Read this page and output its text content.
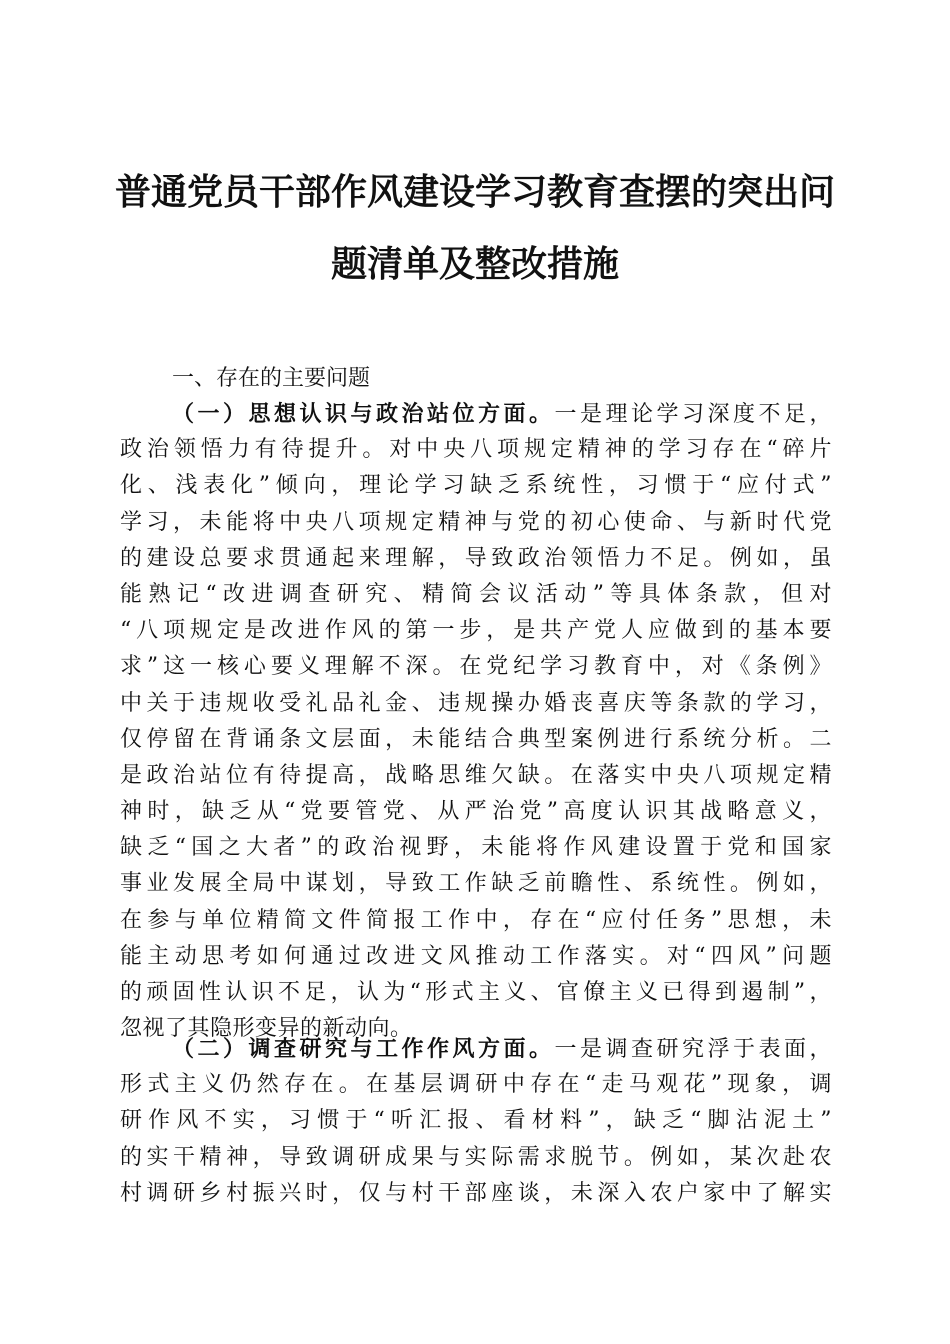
普通党员干部作风建设学习教育查摆的突出问
题清单及整改措施
一、存在的主要问题
（一）思想认识与政治站位方面。一是理论学习深度不足，
政治领悟力有待提升。对中央八项规定精神的学习存在“碎片
化、浅表化”倾向，理论学习缺乏系统性，习惯于“应付式”
学习，未能将中央八项规定精神与党的初心使命、与新时代党
的建设总要求贯通起来理解，导致政治领悟力不足。例如，虽
能熟记“改进调查研究、精简会议活动”等具体条款，但对
“八项规定是改进作风的第一步，是共产党人应做到的基本要
求”这一核心要义理解不深。在党纪学习教育中，对《条例》
中关于违规收受礼品礼金、违规操办婚丧喜庆等条款的学习，
仅停留在背诵条文层面，未能结合典型案例进行系统分析。二
是政治站位有待提高，战略思维欠缺。在落实中央八项规定精
神时，缺乏从“党要管党、从严治党”高度认识其战略意义，
缺乏“国之大者”的政治视野，未能将作风建设置于党和国家
事业发展全局中谋划，导致工作缺乏前瞻性、系统性。例如，
在参与单位精简文件简报工作中，存在“应付任务”思想，未
能主动思考如何通过改进文风推动工作落实。对“四风”问题
的顽固性认识不足，认为“形式主义、官僚主义已得到遏制”，
忽视了其隐形变异的新动向。
（二）调查研究与工作作风方面。一是调查研究浮于表面，
形式主义仍然存在。在基层调研中存在“走马观花”现象，调
研作风不实，习惯于“听汇报、看材料”，缺乏“脚沾泥土”
的实干精神，导致调研成果与实际需求脱节。例如，某次赴农
村调研乡村振兴时，仅与村干部座谈，未深入农户家中了解实
